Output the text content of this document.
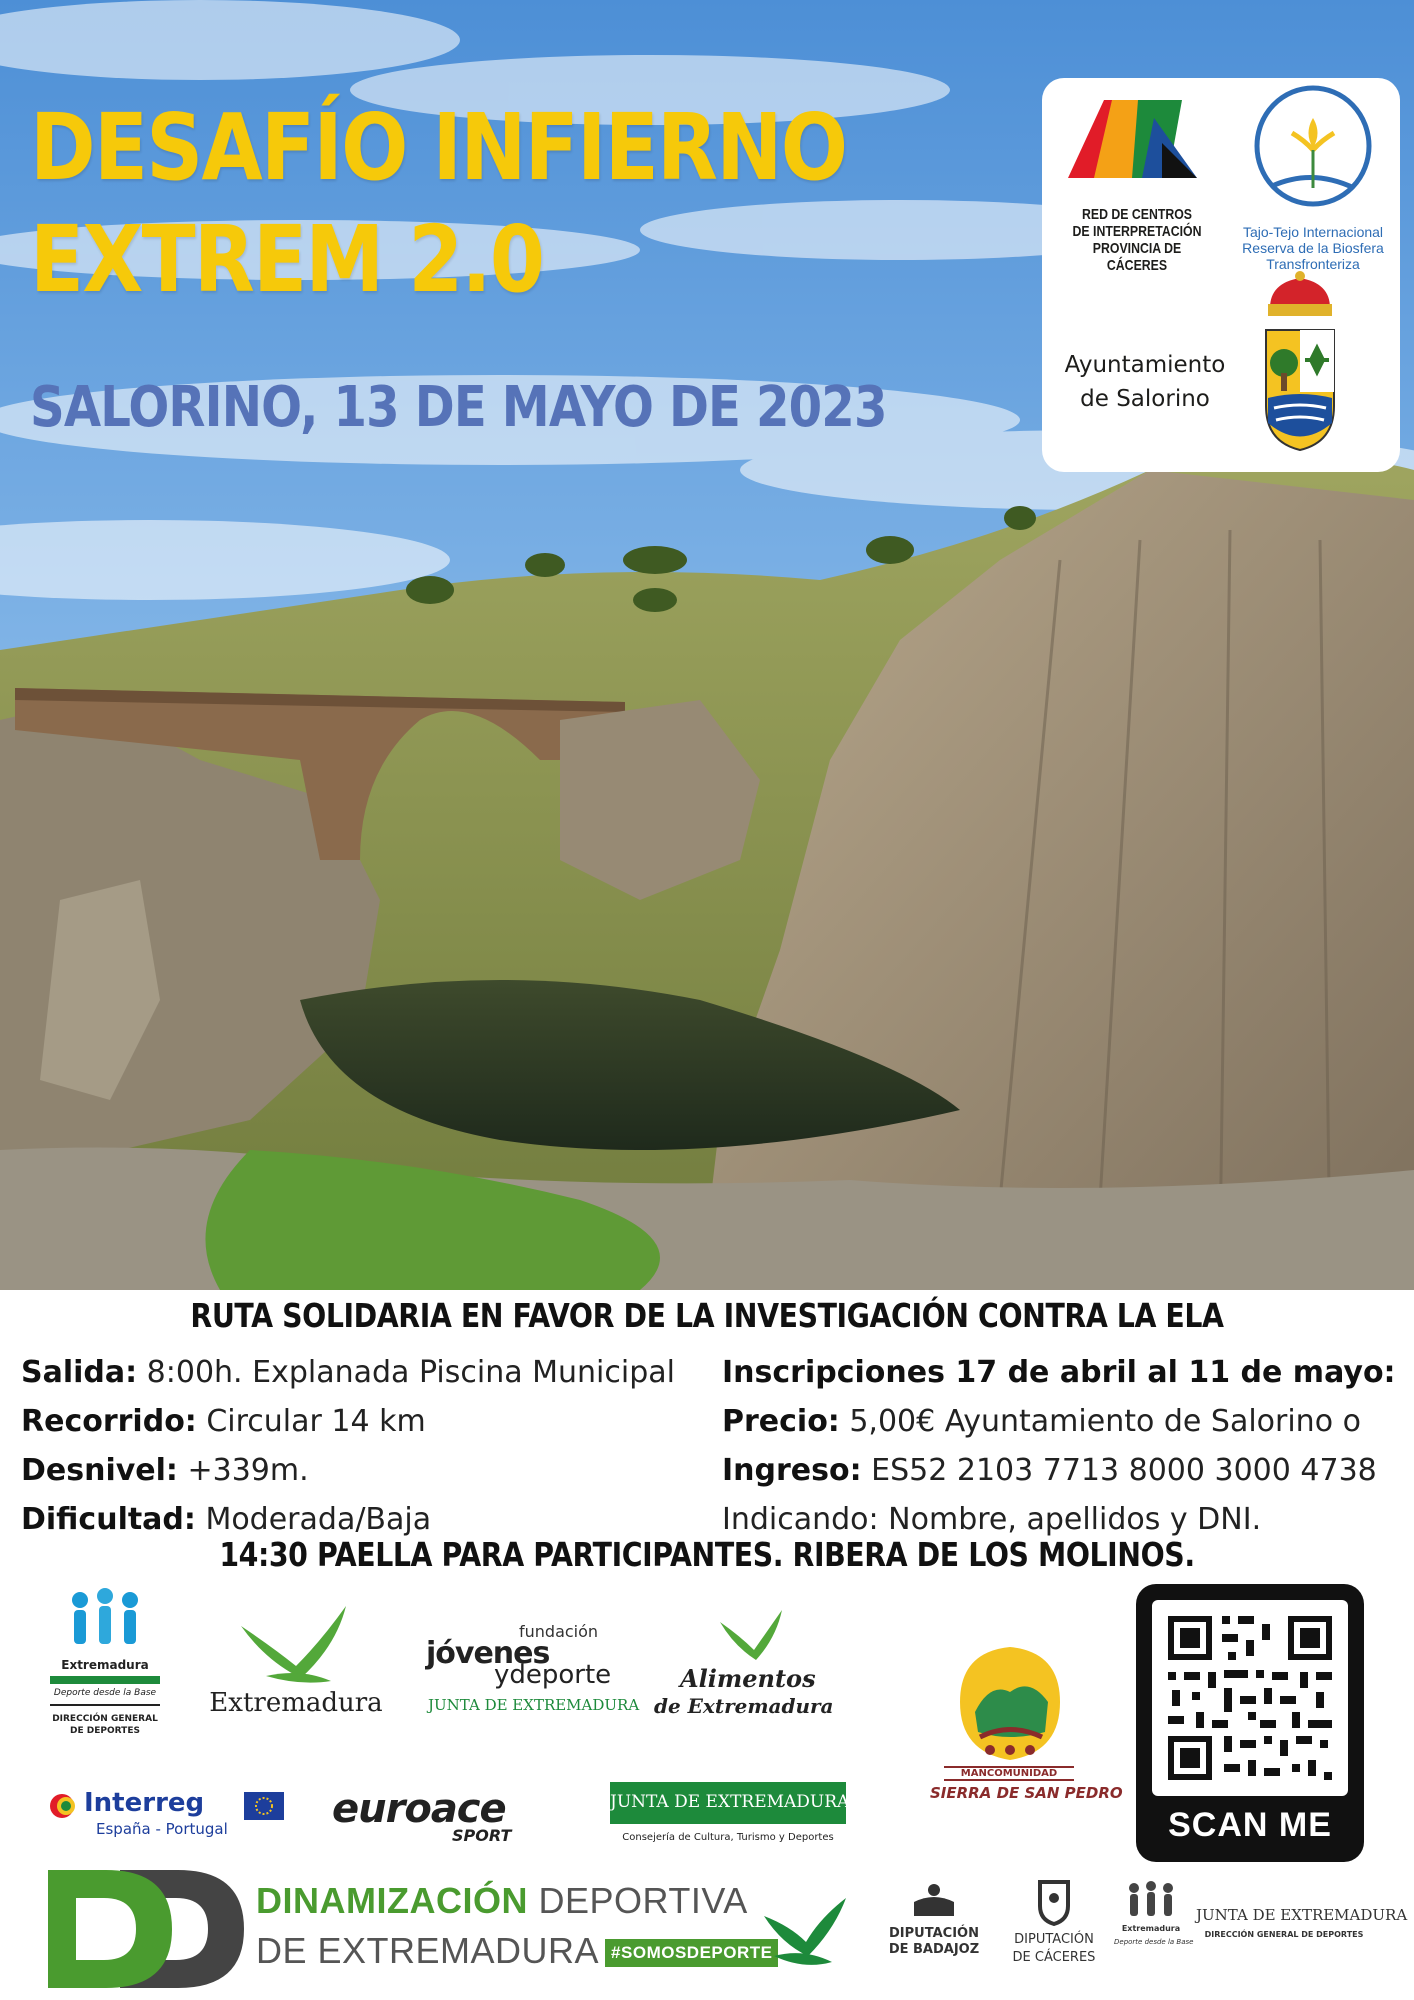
DESAFÍO INFIERNO
EXTREM 2.0
SALORINO, 13 DE MAYO DE 2023
RED DE CENTROS
DE INTERPRETACIÓN
PROVINCIA DE CÁCERES
Tajo-Tejo Internacional
Reserva de la Biosfera
Transfronteriza
Ayuntamiento
de Salorino
RUTA SOLIDARIA EN FAVOR DE LA INVESTIGACIÓN CONTRA LA ELA
Salida: 8:00h. Explanada Piscina Municipal
Recorrido: Circular 14 km
Desnivel: +339m.
Dificultad: Moderada/Baja
Inscripciones 17 de abril al 11 de mayo:
Precio: 5,00€ Ayuntamiento de Salorino o
Ingreso: ES52 2103 7713 8000 3000 4738
Indicando: Nombre, apellidos y DNI.
14:30 PAELLA PARA PARTICIPANTES. RIBERA DE LOS MOLINOS.
Extremadura
Deporte desde la Base
DIRECCIÓN GENERAL
DE DEPORTES
Extremadura
fundación
jóvenes
ydeporte
JUNTA DE EXTREMADURA
Alimentos
de Extremadura
MANCOMUNIDAD
SIERRA DE SAN PEDRO
SCAN ME
Interreg
España - Portugal	euroace
SPORT
JUNTA DE EXTREMADURA
Consejería de Cultura, Turismo y Deportes
DINAMIZACIÓN DEPORTIVA
DE EXTREMADURA #SOMOSDEPORTE
DIPUTACIÓN
DE BADAJOZ
DIPUTACIÓN
DE CÁCERES
Extremadura
Deporte desde la Base
JUNTA DE EXTREMADURA
DIRECCIÓN GENERAL DE DEPORTES
